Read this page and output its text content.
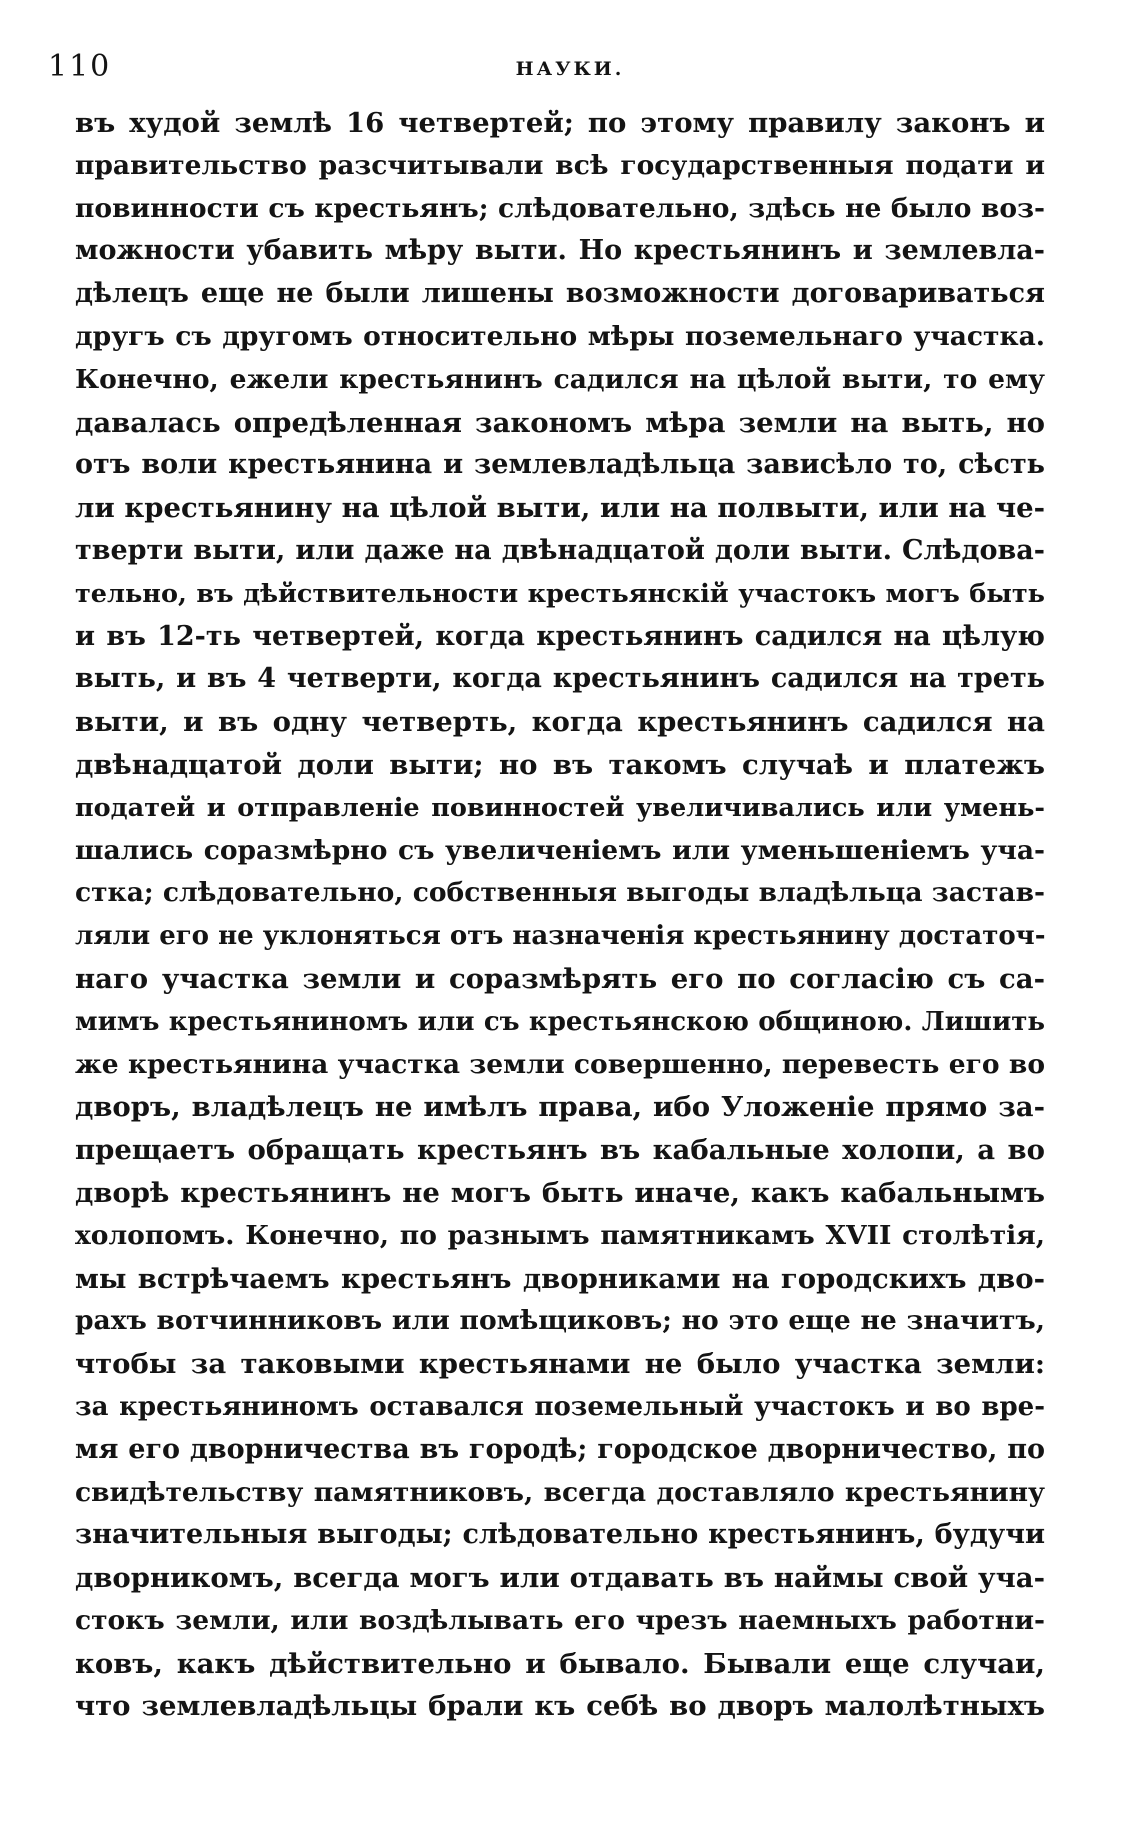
110	НАУКИ.
въ худой землѣ 16 четвертей; по этому правилу законъ и
правительство разсчитывали всѣ государственныя подати и
повинности съ крестьянъ; слѣдовательно, здѣсь не было воз-
можности убавить мѣру выти. Но крестьянинъ и землевла-
дѣлецъ еще не были лишены возможности договариваться
другъ съ другомъ относительно мѣры поземельнаго участка.
Конечно, ежели крестьянинъ садился на цѣлой выти, то ему
давалась опредѣленная закономъ мѣра земли на выть, но
отъ воли крестьянина и землевладѣльца зависѣло то, сѣсть
ли крестьянину на цѣлой выти, или на полвыти, или на че-
тверти выти, или даже на двѣнадцатой доли выти. Слѣдова-
тельно, въ дѣйствительности крестьянскій участокъ могъ быть
и въ 12-ть четвертей, когда крестьянинъ садился на цѣлую
выть, и въ 4 четверти, когда крестьянинъ садился на треть
выти, и въ одну четверть, когда крестьянинъ садился на
двѣнадцатой доли выти; но въ такомъ случаѣ и платежъ
податей и отправленіе повинностей увеличивались или умень-
шались соразмѣрно съ увеличеніемъ или уменьшеніемъ уча-
стка; слѣдовательно, собственныя выгоды владѣльца застав-
ляли его не уклоняться отъ назначенія крестьянину достаточ-
наго участка земли и соразмѣрять его по согласію съ са-
мимъ крестьяниномъ или съ крестьянскою общиною. Лишить
же крестьянина участка земли совершенно, перевесть его во
дворъ, владѣлецъ не имѣлъ права, ибо Уложеніе прямо за-
прещаетъ обращать крестьянъ въ кабальные холопи, а во
дворѣ крестьянинъ не могъ быть иначе, какъ кабальнымъ
холопомъ. Конечно, по разнымъ памятникамъ XVII столѣтія,
мы встрѣчаемъ крестьянъ дворниками на городскихъ дво-
рахъ вотчинниковъ или помѣщиковъ; но это еще не значитъ,
чтобы за таковыми крестьянами не было участка земли:
за крестьяниномъ оставался поземельный участокъ и во вре-
мя его дворничества въ городѣ; городское дворничество, по
свидѣтельству памятниковъ, всегда доставляло крестьянину
значительныя выгоды; слѣдовательно крестьянинъ, будучи
дворникомъ, всегда могъ или отдавать въ наймы свой уча-
стокъ земли, или воздѣлывать его чрезъ наемныхъ работни-
ковъ, какъ дѣйствительно и бывало. Бывали еще случаи,
что землевладѣльцы брали къ себѣ во дворъ малолѣтныхъ
